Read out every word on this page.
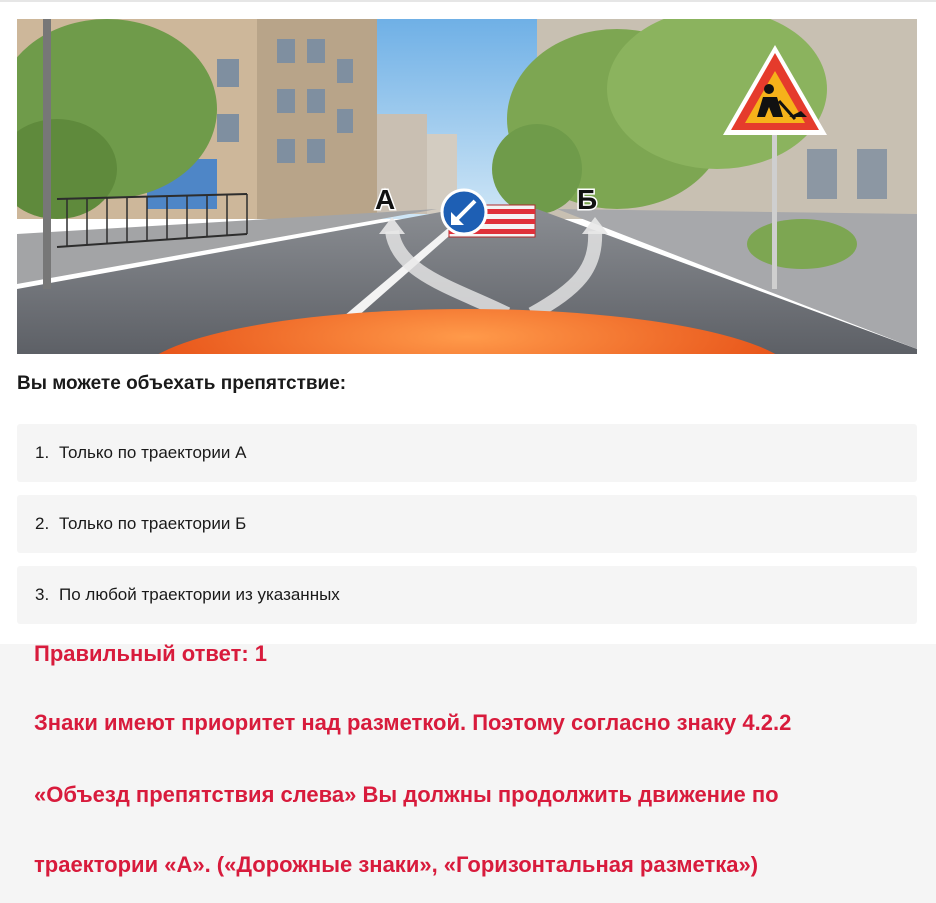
А	Б
Вы можете объехать препятствие:
1. Только по траектории А
2. Только по траектории Б
3. По любой траектории из указанных
Правильный ответ: 1
Знаки имеют приоритет над разметкой. Поэтому согласно знаку 4.2.2
«Объезд препятствия слева» Вы должны продолжить движение по
траектории «А». («Дорожные знаки», «Горизонтальная разметка»)
